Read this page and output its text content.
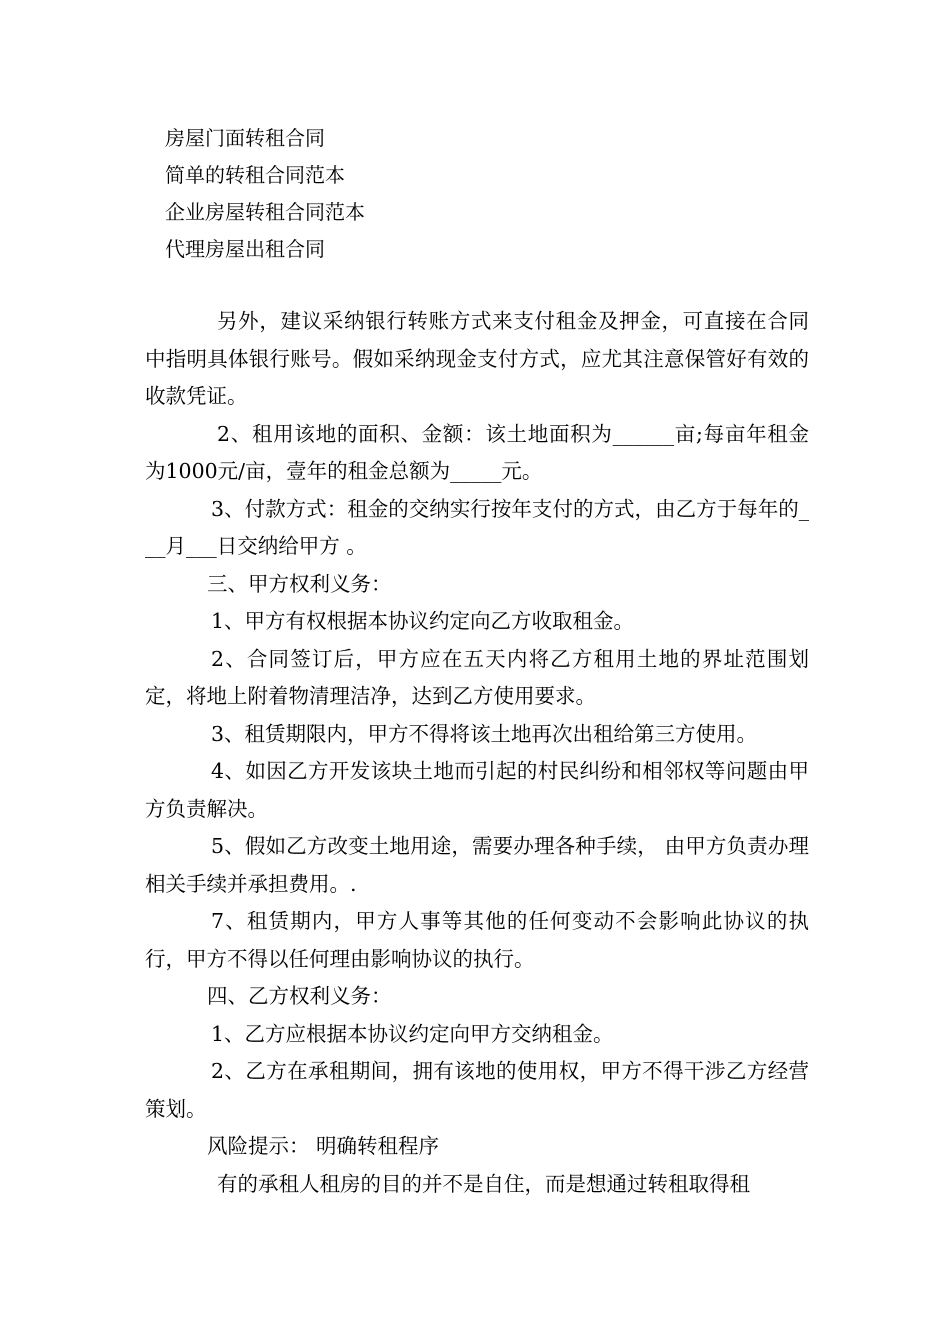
房屋门面转租合同
简单的转租合同范本
企业房屋转租合同范本
代理房屋出租合同

另外，建议采纳银行转账方式来支付租金及押金，可直接在合同中指明具体银行账号。假如采纳现金支付方式，应尤其注意保管好有效的收款凭证。

2、租用该地的面积、金额：该土地面积为______亩;每亩年租金为1000元/亩，壹年的租金总额为_____元。

3、付款方式：租金的交纳实行按年支付的方式，由乙方于每年的___月___日交纳给甲方 。

三、甲方权利义务：

1、甲方有权根据本协议约定向乙方收取租金。

2、合同签订后，甲方应在五天内将乙方租用土地的界址范围划定，将地上附着物清理洁净，达到乙方使用要求。

3、租赁期限内，甲方不得将该土地再次出租给第三方使用。

4、如因乙方开发该块土地而引起的村民纠纷和相邻权等问题由甲方负责解决。

5、假如乙方改变土地用途，需要办理各种手续， 由甲方负责办理相关手续并承担费用。.

7、租赁期内，甲方人事等其他的任何变动不会影响此协议的执行，甲方不得以任何理由影响协议的执行。

四、乙方权利义务：

1、乙方应根据本协议约定向甲方交纳租金。

2、乙方在承租期间，拥有该地的使用权，甲方不得干涉乙方经营策划。

风险提示： 明确转租程序

有的承租人租房的目的并不是自住，而是想通过转租取得租
